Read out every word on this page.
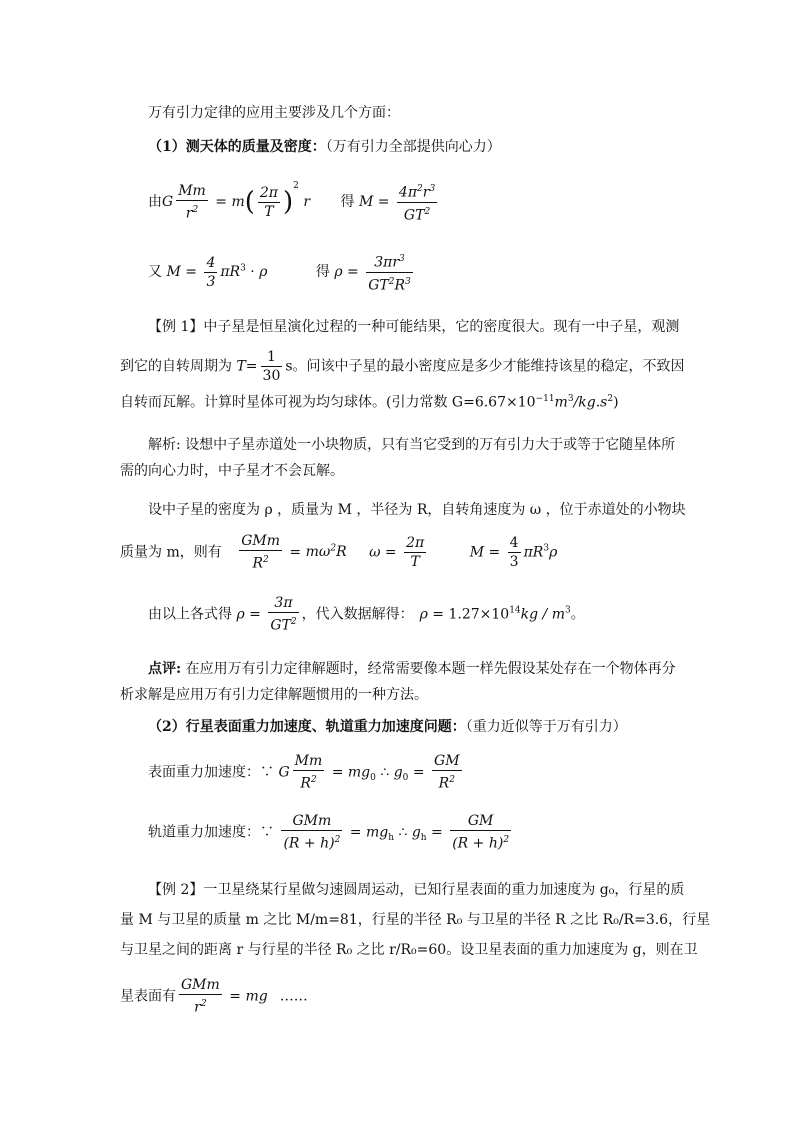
万有引力定律的应用主要涉及几个方面：
（1）测天体的质量及密度：（万有引力全部提供向心力）
由G $\frac{Mm}{r^2} = m( \frac{2\pi}{T} )^2$ r 得 $M = \frac{4\pi^2r^3}{GT^2}$
又 $M = \frac{4}{3} \pi R^3 \cdot \rho$	得 $\rho = \frac{3\pi r^3}{GT^2R^3}$
【例 1】中子星是恒星演化过程的一种可能结果，它的密度很大。现有一中子星，观测
到它的自转周期为 $T= \frac{1}{30}$ s。问该中子星的最小密度应是多少才能维持该星的稳定，不致因
自转而瓦解。计算时星体可视为均匀球体。(引力常数 $G=6.67\times 10^{-11}m^3/kg.s^2$)
解析: 设想中子星赤道处一小块物质，只有当它受到的万有引力大于或等于它随星体所
需的向心力时，中子星才不会瓦解。
设中子星的密度为 ρ ，质量为 M ，半径为 R，自转角速度为 ω ，位于赤道处的小物块
质量为 m，则有 $\frac{\text{GMm}}{R^2} = m\omega^2R$ $\omega = \frac{2\pi}{T}$	$M = \frac{4}{3} \pi R^3\rho$
由以上各式得 $\rho = \frac{3\pi}{GT^2}$ ，代入数据解得： $\rho = 1.27\times 10^{14}kg / m^3$。
点评: 在应用万有引力定律解题时，经常需要像本题一样先假设某处存在一个物体再分
析求解是应用万有引力定律解题惯用的一种方法。
（2）行星表面重力加速度、轨道重力加速度问题：（重力近似等于万有引力）
表面重力加速度：∵ G $\frac{Mm}{R^2} = mg_0$ ∴ $g_0 = \frac{GM}{R^2}$
轨道重力加速度：∵ $\frac{\text{GMm}}{(R + h)^2} = mg_h$ ∴ $g_h = \frac{GM}{(R + h)^2}$
【例 2】一卫星绕某行星做匀速圆周运动，已知行星表面的重力加速度为 g₀，行星的质
量 M 与卫星的质量 m 之比 M/m=81，行星的半径 R₀ 与卫星的半径 R 之比 R₀/R=3.6，行星
与卫星之间的距离 r 与行星的半径 R₀ 之比 r/R₀=60。设卫星表面的重力加速度为 g，则在卫
星表面有 $\frac{\text{GMm}}{r^2}$ = mg ……
